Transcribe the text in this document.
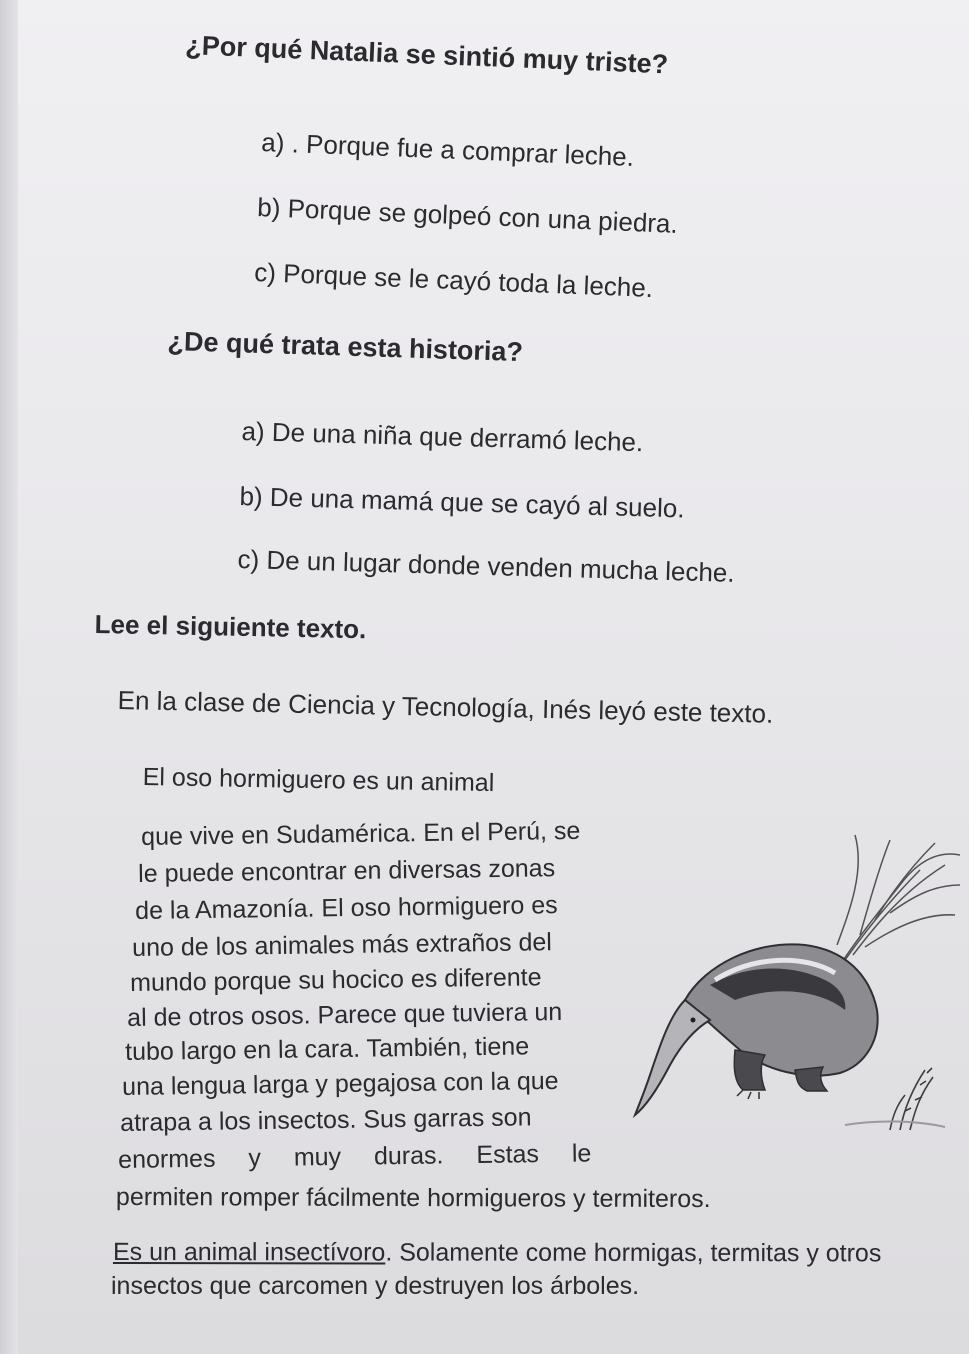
¿Por qué Natalia se sintió muy triste?
a) . Porque fue a comprar leche.
b) Porque se golpeó con una piedra.
c) Porque se le cayó toda la leche.
¿De qué trata esta historia?
a) De una niña que derramó leche.
b) De una mamá que se cayó al suelo.
c) De un lugar donde venden mucha leche.
Lee el siguiente texto.
En la clase de Ciencia y Tecnología, Inés leyó este texto.
El oso hormiguero es un animal
que vive en Sudamérica. En el Perú, se
le puede encontrar en diversas zonas
de la Amazonía. El oso hormiguero es
uno de los animales más extraños del
mundo porque su hocico es diferente
al de otros osos. Parece que tuviera un
tubo largo en la cara. También, tiene
una lengua larga y pegajosa con la que
atrapa a los insectos. Sus garras son
enormes y muy duras. Estas le
permiten romper fácilmente hormigueros y termiteros.
Es un animal insectívoro. Solamente come hormigas, termitas y otros
insectos que carcomen y destruyen los árboles.
